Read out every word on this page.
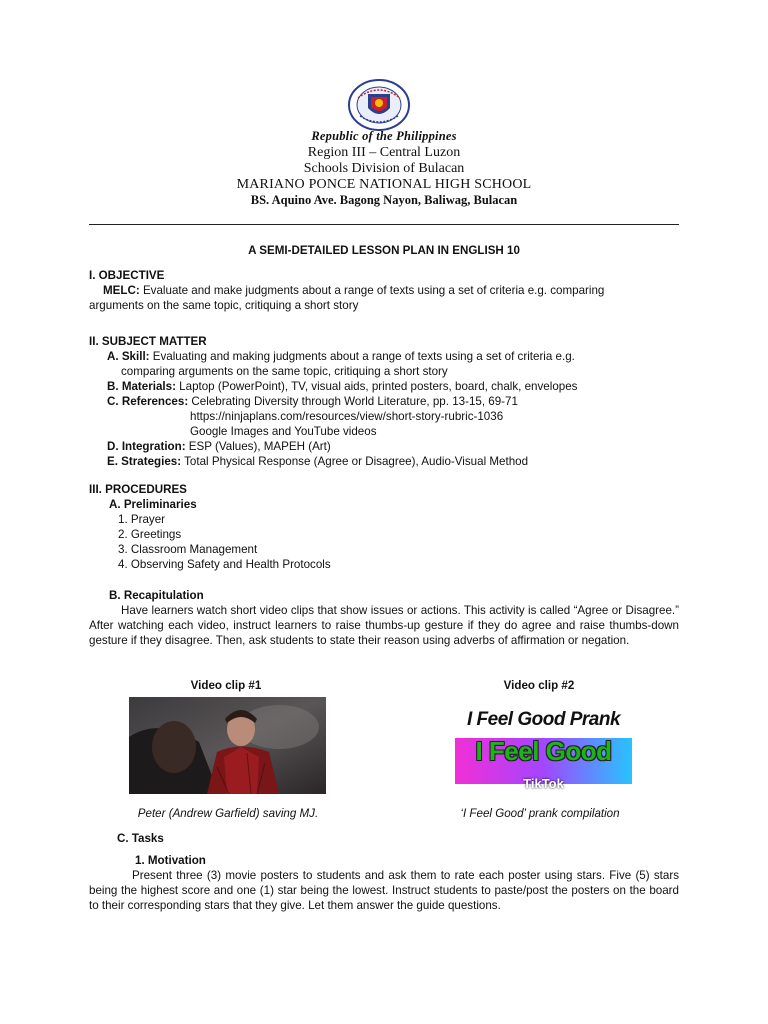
Republic of the Philippines
Region III – Central Luzon
Schools Division of Bulacan
MARIANO PONCE NATIONAL HIGH SCHOOL
BS. Aquino Ave. Bagong Nayon, Baliwag, Bulacan
A SEMI-DETAILED LESSON PLAN IN ENGLISH 10
I. OBJECTIVE
MELC: Evaluate and make judgments about a range of texts using a set of criteria e.g. comparing
arguments on the same topic, critiquing a short story
II. SUBJECT MATTER
A. Skill: Evaluating and making judgments about a range of texts using a set of criteria e.g.
comparing arguments on the same topic, critiquing a short story
B. Materials: Laptop (PowerPoint), TV, visual aids, printed posters, board, chalk, envelopes
C. References: Celebrating Diversity through World Literature, pp. 13-15, 69-71
https://ninjaplans.com/resources/view/short-story-rubric-1036
Google Images and YouTube videos
D. Integration: ESP (Values), MAPEH (Art)
E. Strategies: Total Physical Response (Agree or Disagree), Audio-Visual Method
III. PROCEDURES
A. Preliminaries
1. Prayer
2. Greetings
3. Classroom Management
4. Observing Safety and Health Protocols
B. Recapitulation
Have learners watch short video clips that show issues or actions. This activity is called “Agree or Disagree.” After watching each video, instruct learners to raise thumbs-up gesture if they do agree and raise thumbs-down gesture if they disagree. Then, ask students to state their reason using adverbs of affirmation or negation.
Video clip #1	Video clip #2
I Feel Good Prank
I Feel Good
TikTok
Peter (Andrew Garfield) saving MJ.	‘I Feel Good’ prank compilation
C. Tasks
1. Motivation
Present three (3) movie posters to students and ask them to rate each poster using stars. Five (5) stars being the highest score and one (1) star being the lowest. Instruct students to paste/post the posters on the board to their corresponding stars that they give. Let them answer the guide questions.
